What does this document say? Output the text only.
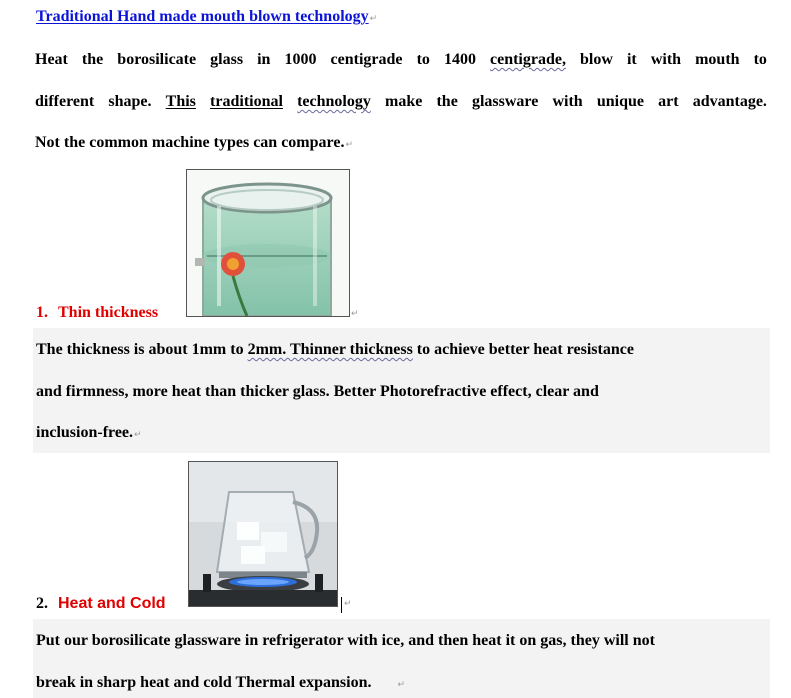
Traditional Hand made mouth blown technology↵
Heat the borosilicate glass in 1000 centigrade to 1400 centigrade, blow it with mouth to
different shape. This traditional technology make the glassware with unique art advantage.
Not the common machine types can compare.↵
↵
1. Thin thickness
The thickness is about 1mm to 2mm. Thinner thickness to achieve better heat resistance
and firmness, more heat than thicker glass. Better Photorefractive effect, clear and
inclusion-free.↵
↵
2. Heat and Cold
Put our borosilicate glassware in refrigerator with ice, and then heat it on gas, they will not
break in sharp heat and cold Thermal expansion.	↵
